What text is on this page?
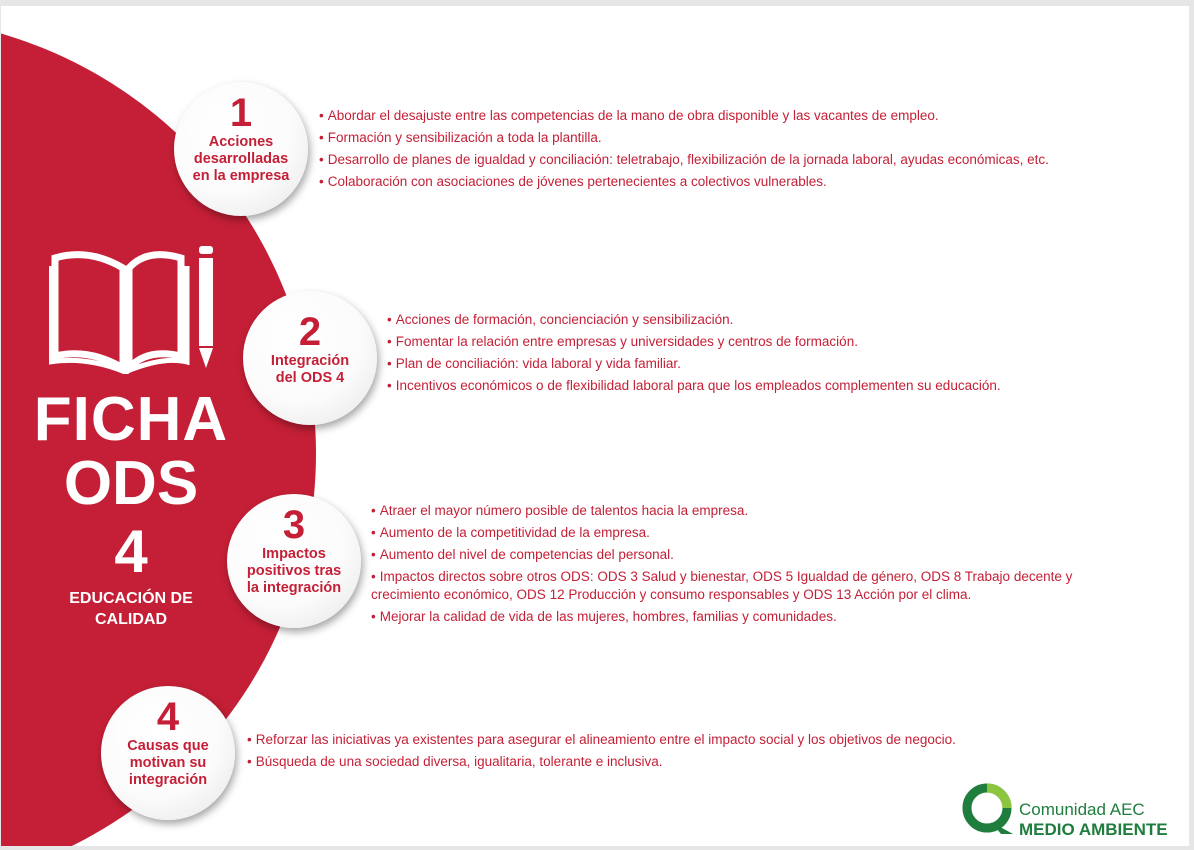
FICHA
ODS
4
EDUCACIÓN DE
CALIDAD
1
Acciones
desarrolladas
en la empresa

• Abordar el desajuste entre las competencias de la mano de obra disponible y las vacantes de empleo.

• Formación y sensibilización a toda la plantilla.

• Desarrollo de planes de igualdad y conciliación: teletrabajo, flexibilización de la jornada laboral, ayudas económicas, etc.

• Colaboración con asociaciones de jóvenes pertenecientes a colectivos vulnerables.

2
Integración
del ODS 4

• Acciones de formación, concienciación y sensibilización.

• Fomentar la relación entre empresas y universidades y centros de formación.

• Plan de conciliación: vida laboral y vida familiar.

• Incentivos económicos o de flexibilidad laboral para que los empleados complementen su educación.

3
Impactos
positivos tras
la integración

• Atraer el mayor número posible de talentos hacia la empresa.

• Aumento de la competitividad de la empresa.

• Aumento del nivel de competencias del personal.

• Impactos directos sobre otros ODS: ODS 3 Salud y bienestar, ODS 5 Igualdad de género, ODS 8 Trabajo decente y crecimiento económico, ODS 12 Producción y consumo responsables y ODS 13 Acción por el clima.

• Mejorar la calidad de vida de las mujeres, hombres, familias y comunidades.

4
Causas que
motivan su
integración

• Reforzar las iniciativas ya existentes para asegurar el alineamiento entre el impacto social y los objetivos de negocio.

• Búsqueda de una sociedad diversa, igualitaria, tolerante e inclusiva.

Comunidad AEC
MEDIO AMBIENTE
